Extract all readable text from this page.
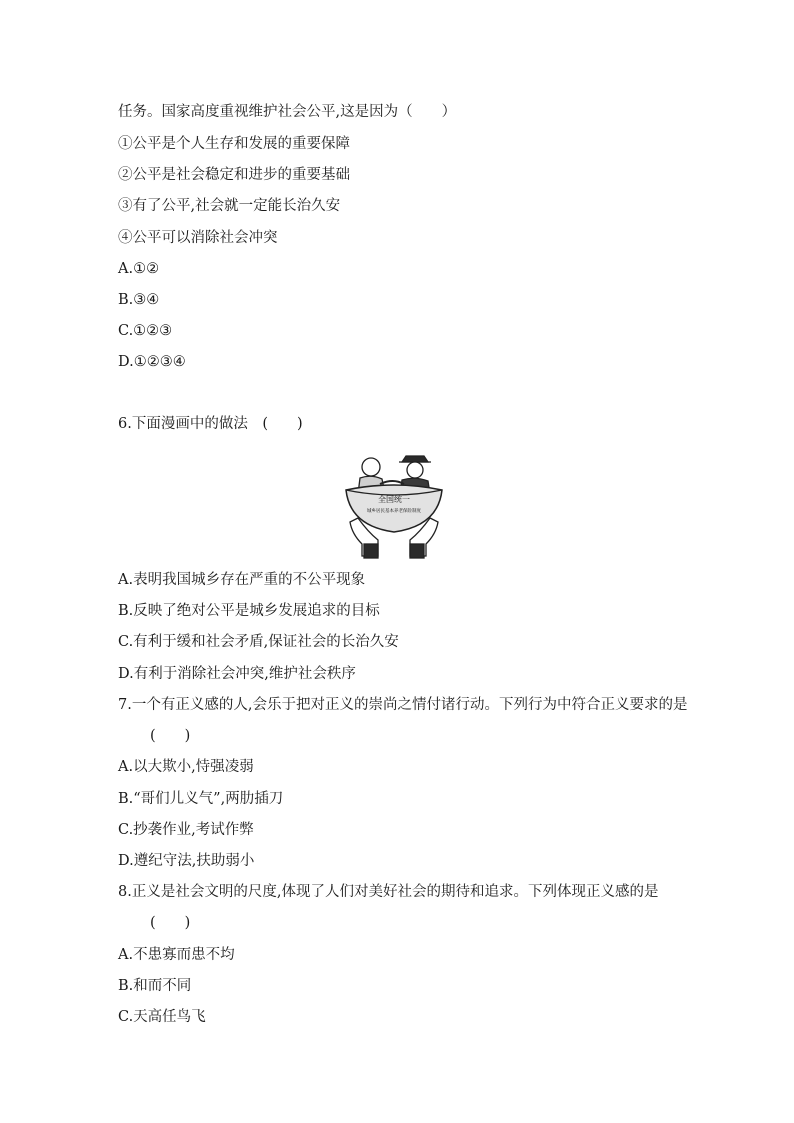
任务。国家高度重视维护社会公平,这是因为（　　）
①公平是个人生存和发展的重要保障
②公平是社会稳定和进步的重要基础
③有了公平,社会就一定能长治久安
④公平可以消除社会冲突
A.①②
B.③④
C.①②③
D.①②③④
6.下面漫画中的做法　(　　)
全国统一
城乡居民基本养老保险制度
A.表明我国城乡存在严重的不公平现象
B.反映了绝对公平是城乡发展追求的目标
C.有利于缓和社会矛盾,保证社会的长治久安
D.有利于消除社会冲突,维护社会秩序
7.一个有正义感的人,会乐于把对正义的崇尚之情付诸行动。下列行为中符合正义要求的是
(　　)
A.以大欺小,恃强凌弱
B.“哥们儿义气”,两肋插刀
C.抄袭作业,考试作弊
D.遵纪守法,扶助弱小
8.正义是社会文明的尺度,体现了人们对美好社会的期待和追求。下列体现正义感的是
(　　)
A.不患寡而患不均
B.和而不同
C.天高任鸟飞
